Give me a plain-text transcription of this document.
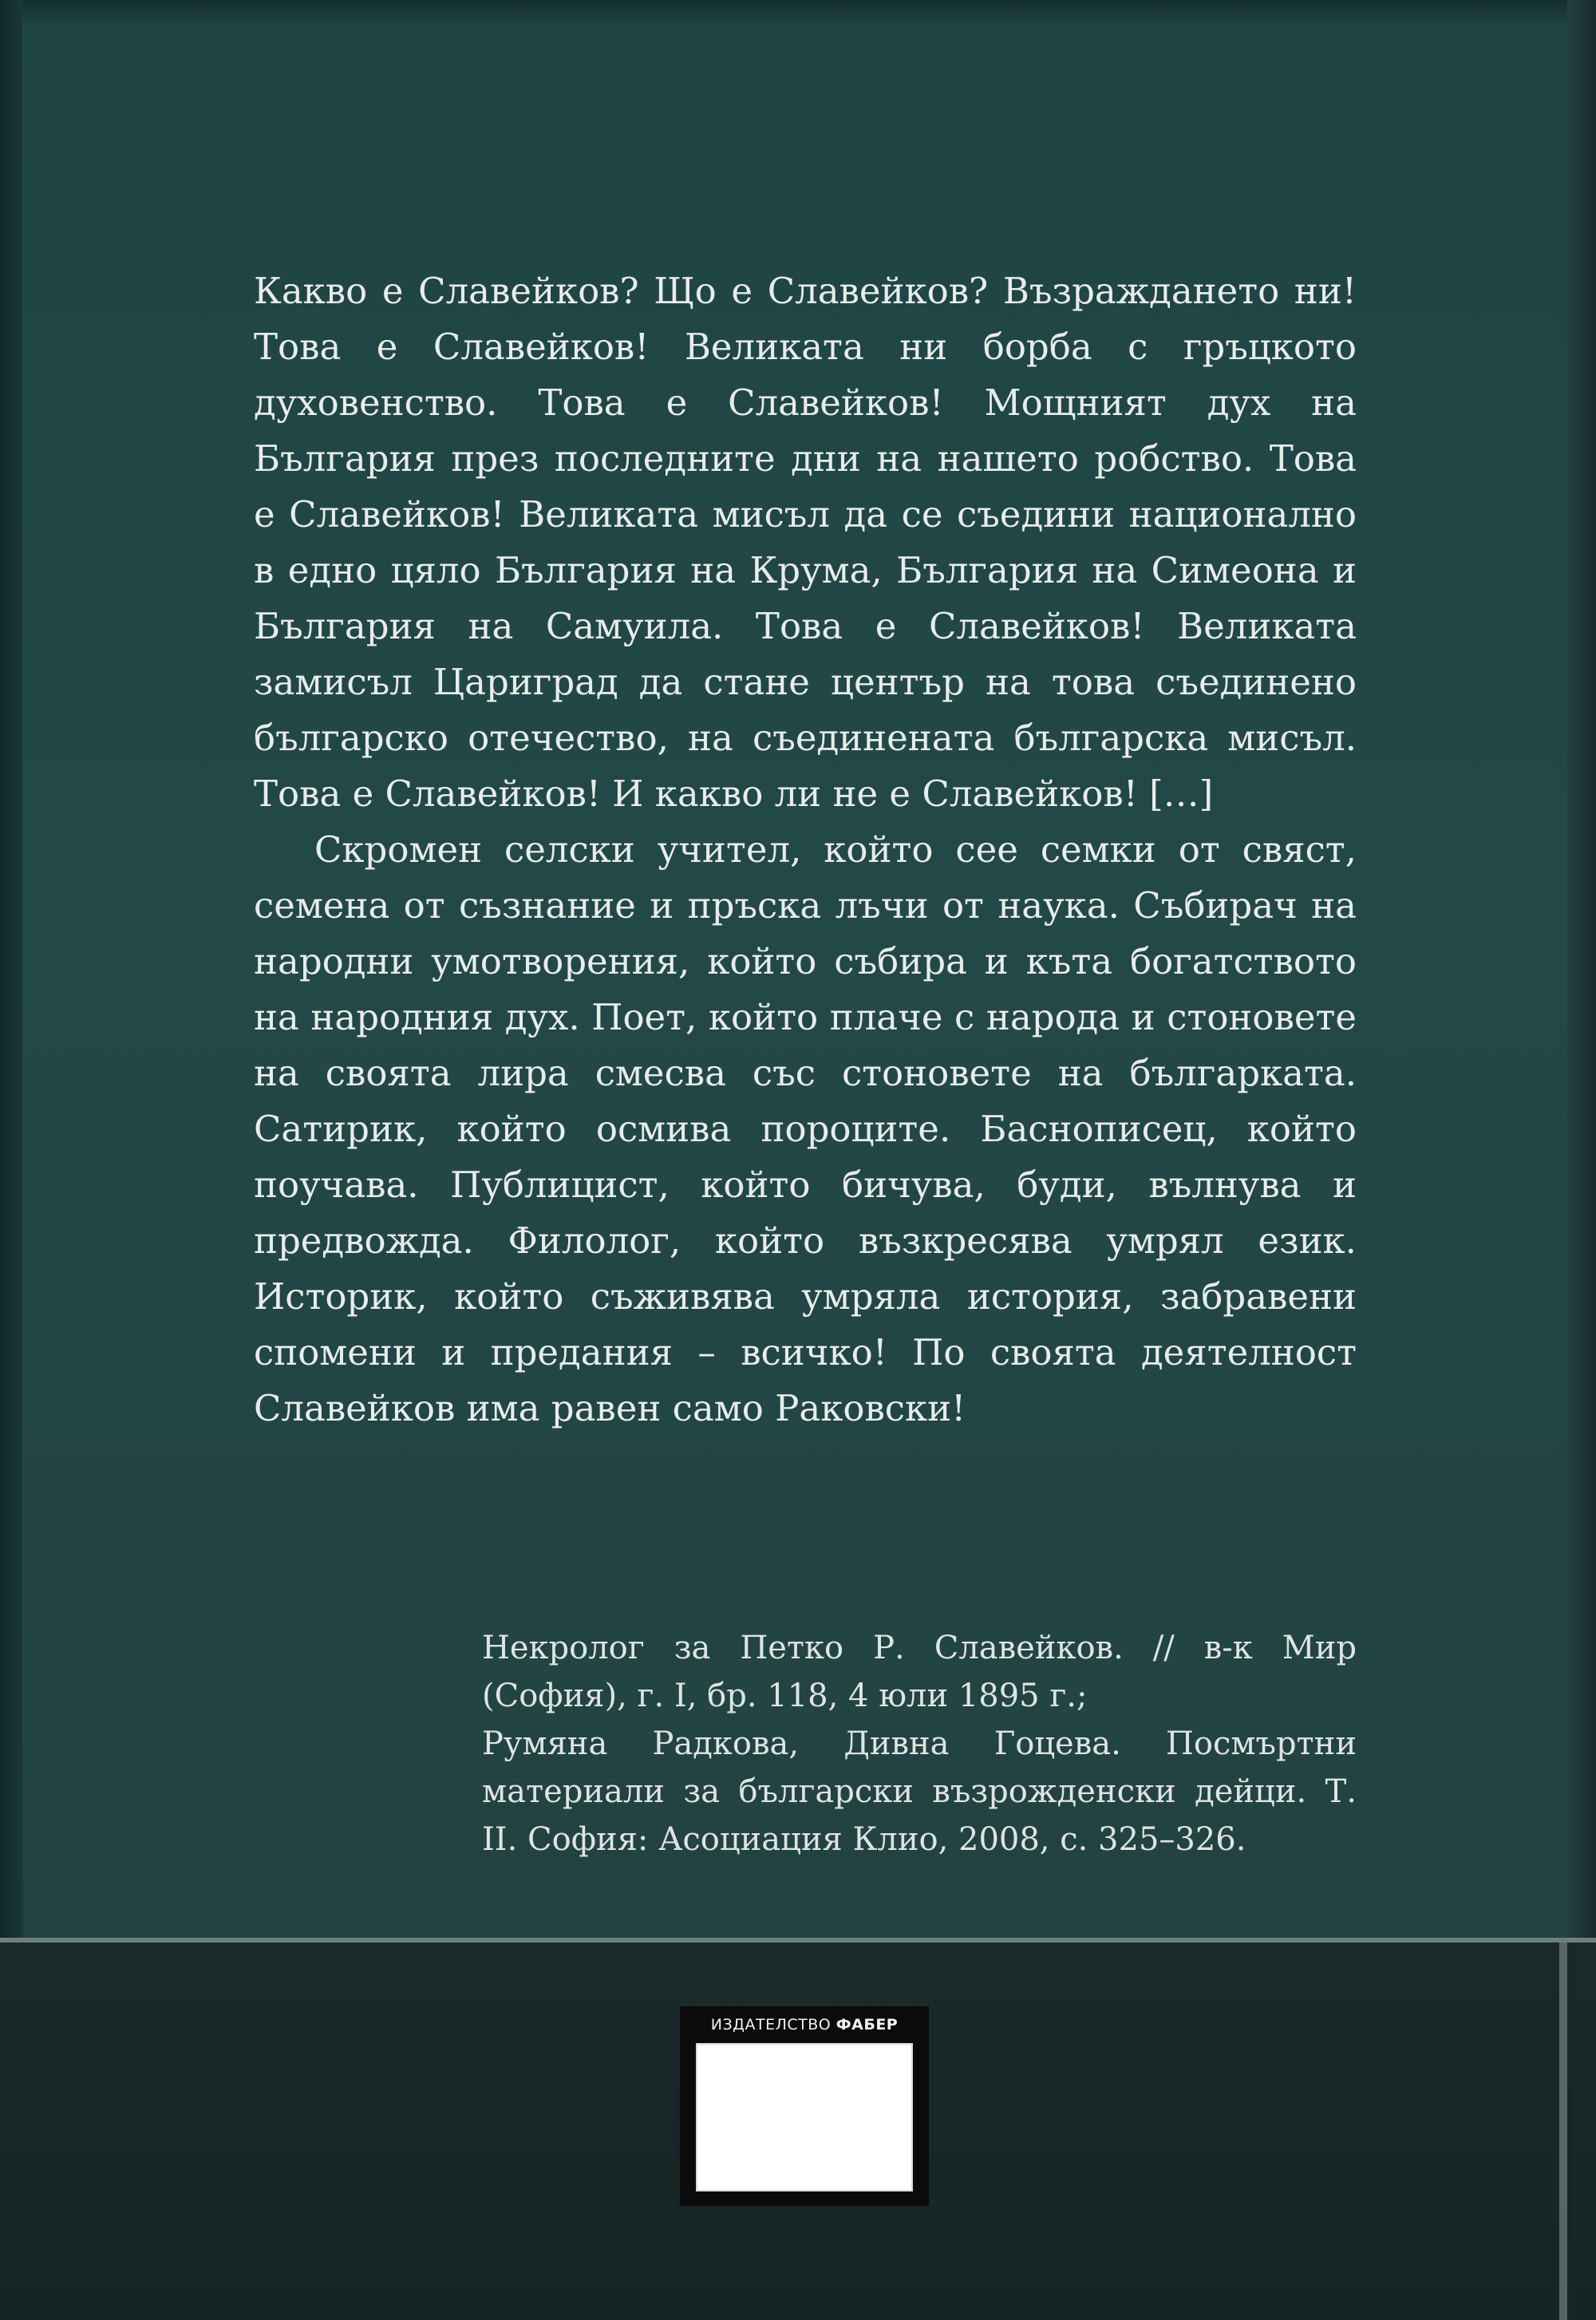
Какво е Славейков? Що е Славейков? Възраждането ни! Това е Славейков! Великата ни борба с гръцкото духовенство. Това е Славейков! Мощният дух на България през последните дни на нашето робство. Това е Славейков! Великата мисъл да се съедини национално в едно цяло България на Крума, България на Симеона и България на Самуила. Това е Славейков! Великата замисъл Цариград да стане център на това съединено българско отечество, на съединената българска мисъл. Това е Славейков! И какво ли не е Славейков! […]

Скромен селски учител, който сее семки от свяст, семена от съзнание и пръска лъчи от наука. Събирач на народни умотворения, който събира и къта богатството на народния дух. Поет, който плаче с народа и стоновете на своята лира смесва със стоновете на българката. Сатирик, който осмива пороците. Баснописец, който поучава. Публицист, който бичува, буди, вълнува и предвожда. Филолог, който възкресява умрял език. Историк, който съживява умряла история, забравени спомени и предания – всичко! По своята деятелност Славейков има равен само Раковски!

Некролог за Петко Р. Славейков. // в-к Мир (София), г. I, бр. 118, 4 юли 1895 г.;

Румяна Радкова, Дивна Гоцева. Посмъртни материали за български възрожденски дейци. Т. II. София: Асоциация Клио, 2008, с. 325–326.

ИЗДАТЕЛСТВО ФАБЕР
